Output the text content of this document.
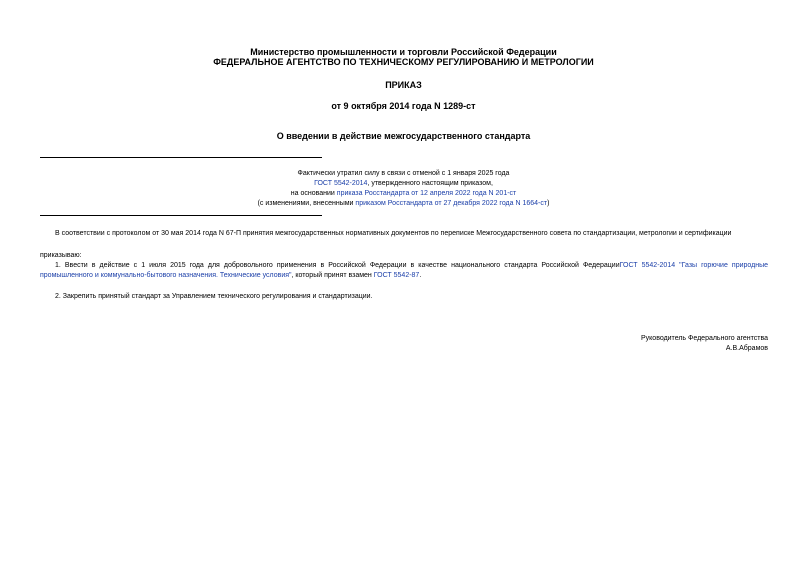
Министерство промышленности и торговли Российской Федерации
ФЕДЕРАЛЬНОЕ АГЕНТСТВО ПО ТЕХНИЧЕСКОМУ РЕГУЛИРОВАНИЮ И МЕТРОЛОГИИ
ПРИКАЗ
от 9 октября 2014 года N 1289-ст
О введении в действие межгосударственного стандарта
Фактически утратил силу в связи с отменой с 1 января 2025 года
ГОСТ 5542-2014, утвержденного настоящим приказом,
на основании приказа Росстандарта от 12 апреля 2022 года N 201-ст
(с изменениями, внесенными приказом Росстандарта от 27 декабря 2022 года N 1664-ст)
В соответствии с протоколом от 30 мая 2014 года N 67-П принятия межгосударственных нормативных документов по переписке Межгосударственного совета по стандартизации, метрологии и сертификации
приказываю:
1. Ввести в действие с 1 июля 2015 года для добровольного применения в Российской Федерации в качестве национального стандарта Российской ФедерацииГОСТ 5542-2014 "Газы горючие природные промышленного и коммунально-бытового назначения. Технические условия", который принят взамен ГОСТ 5542-87.
2. Закрепить принятый стандарт за Управлением технического регулирования и стандартизации.
Руководитель Федерального агентства
А.В.Абрамов
